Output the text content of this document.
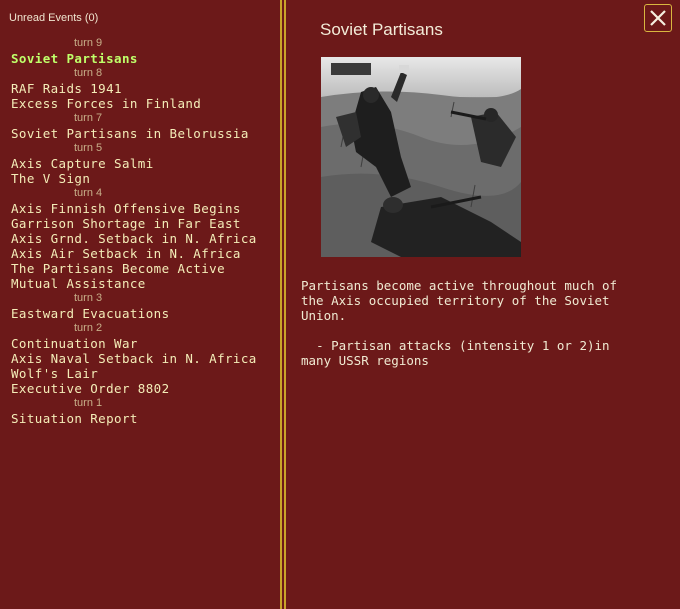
Unread Events (0)
turn 9
Soviet Partisans
turn 8
RAF Raids 1941
Excess Forces in Finland
turn 7
Soviet Partisans in Belorussia
turn 5
Axis Capture Salmi
The V Sign
turn 4
Axis Finnish Offensive Begins
Garrison Shortage in Far East
Axis Grnd. Setback in N. Africa
Axis Air Setback in N. Africa
The Partisans Become Active
Mutual Assistance
turn 3
Eastward Evacuations
turn 2
Continuation War
Axis Naval Setback in N. Africa
Wolf's Lair
Executive Order 8802
turn 1
Situation Report
Soviet Partisans
Partisans become active throughout much of
the Axis occupied territory of the Soviet
Union.

- Partisan attacks (intensity 1 or 2)in
many USSR regions
